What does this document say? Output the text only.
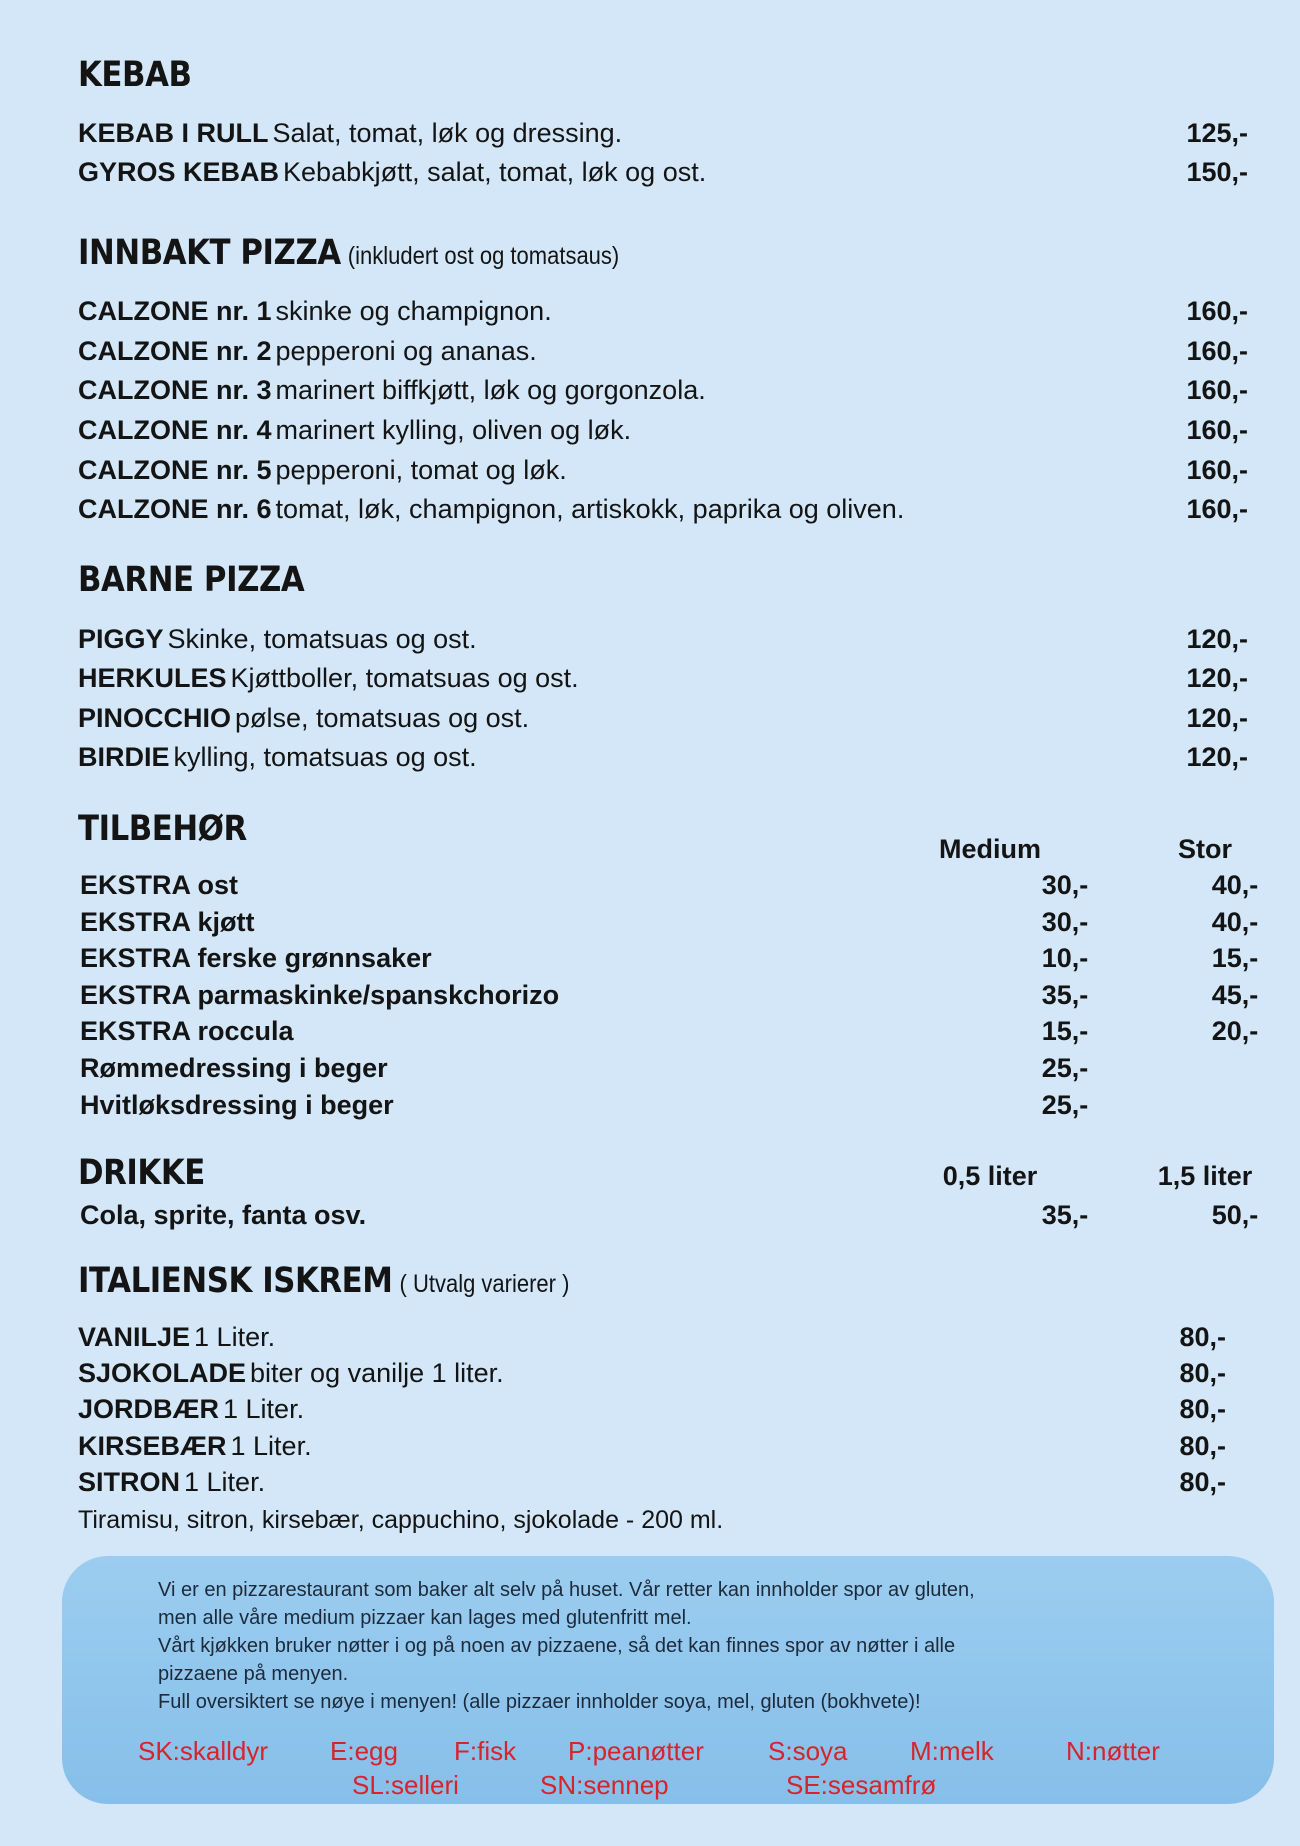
KEBAB
KEBAB I RULL Salat, tomat, løk og dressing.	125,-
GYROS KEBAB Kebabkjøtt, salat, tomat, løk og ost.	150,-
INNBAKT PIZZA (inkludert ost og tomatsaus)
CALZONE nr. 1 skinke og champignon.	160,-
CALZONE nr. 2 pepperoni og ananas.	160,-
CALZONE nr. 3 marinert biffkjøtt, løk og gorgonzola.	160,-
CALZONE nr. 4 marinert kylling, oliven og løk.	160,-
CALZONE nr. 5 pepperoni, tomat og løk.	160,-
CALZONE nr. 6 tomat, løk, champignon, artiskokk, paprika og oliven.	160,-
BARNE PIZZA
PIGGY Skinke, tomatsuas og ost.	120,-
HERKULES Kjøttboller, tomatsuas og ost.	120,-
PINOCCHIO pølse, tomatsuas og ost.	120,-
BIRDIE kylling, tomatsuas og ost.	120,-
TILBEHØR	Medium	Stor
EKSTRA ost	30,-	40,-
EKSTRA kjøtt	30,-	40,-
EKSTRA ferske grønnsaker	10,-	15,-
EKSTRA parmaskinke/spanskchorizo	35,-	45,-
EKSTRA roccula	15,-	20,-
Rømmedressing i beger	25,-
Hvitløksdressing i beger	25,-
DRIKKE	0,5 liter	1,5 liter
Cola, sprite, fanta osv.	35,-	50,-
ITALIENSK ISKREM ( Utvalg varierer )
VANILJE 1 Liter.	80,-
SJOKOLADE biter og vanilje 1 liter.	80,-
JORDBÆR 1 Liter.	80,-
KIRSEBÆR 1 Liter.	80,-
SITRON 1 Liter.	80,-
Tiramisu, sitron, kirsebær, cappuchino, sjokolade - 200 ml.
Vi er en pizzarestaurant som baker alt selv på huset. Vår retter kan innholder spor av gluten,
men alle våre medium pizzaer kan lages med glutenfritt mel.
Vårt kjøkken bruker nøtter i og på noen av pizzaene, så det kan finnes spor av nøtter i alle
pizzaene på menyen.
Full oversiktert se nøye i menyen! (alle pizzaer innholder soya, mel, gluten (bokhvete)!
SK:skalldyr E:egg F:fisk P:peanøtter S:soya M:melk	N:nøtter
SL:selleri	SN:sennep	SE:sesamfrø
